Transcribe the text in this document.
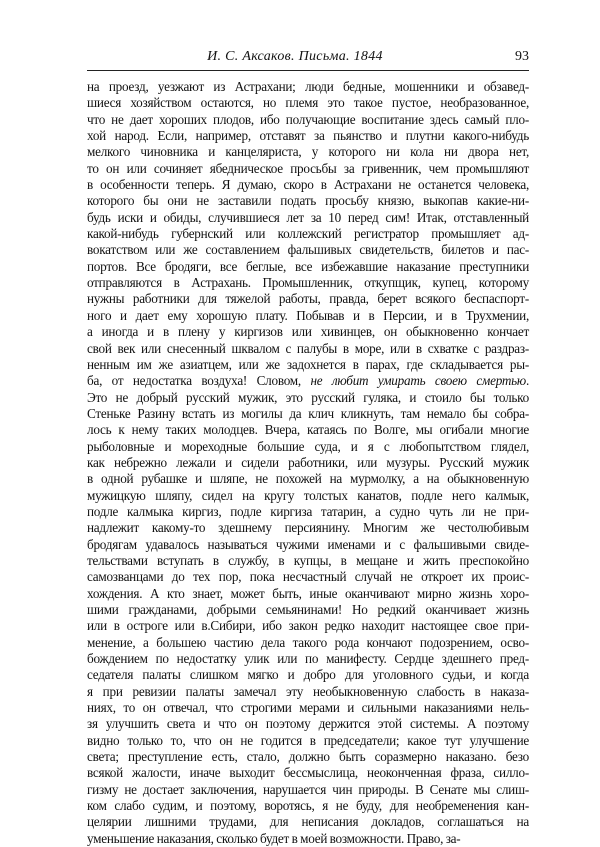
И. С. Аксаков. Письма. 1844	93
на проезд, уезжают из Астрахани; люди бедные, мошенники и обзавед-
шиеся хозяйством остаются, но племя это такое пустое, необразованное,
что не дает хороших плодов, ибо получающие воспитание здесь самый пло-
хой народ. Если, например, отставят за пьянство и плутни какого-нибудь
мелкого чиновника и канцеляриста, у которого ни кола ни двора нет,
то он или сочиняет ябедническое просьбы за гривенник, чем промышляют
в особенности теперь. Я думаю, скоро в Астрахани не останется человека,
которого бы они не заставили подать просьбу князю, выкопав какие-ни-
будь иски и обиды, случившиеся лет за 10 перед сим! Итак, отставленный
какой-нибудь губернский или коллежский регистратор промышляет ад-
вокатством или же составлением фальшивых свидетельств, билетов и пас-
портов. Все бродяги, все беглые, все избежавшие наказание преступники
отправляются в Астрахань. Промышленник, откупщик, купец, которому
нужны работники для тяжелой работы, правда, берет всякого беспаспорт-
ного и дает ему хорошую плату. Побывав и в Персии, и в Трухмении,
а иногда и в плену у киргизов или хивинцев, он обыкновенно кончает
свой век или снесенный шквалом с палубы в море, или в схватке с раздраз-
ненным им же азиатцем, или же задохнется в парах, где складывается ры-
ба, от недостатка воздуха! Словом, не любит умирать своею смертью.
Это не добрый русский мужик, это русский гуляка, и стоило бы только
Стеньке Разину встать из могилы да клич кликнуть, там немало бы собра-
лось к нему таких молодцев. Вчера, катаясь по Волге, мы огибали многие
рыболовные и мореходные большие суда, и я с любопытством глядел,
как небрежно лежали и сидели работники, или музуры. Русский мужик
в одной рубашке и шляпе, не похожей на мурмолку, а на обыкновенную
мужицкую шляпу, сидел на кругу толстых канатов, подле него калмык,
подле калмыка киргиз, подле киргиза татарин, а судно чуть ли не при-
надлежит какому-то здешнему персиянину. Многим же честолюбивым
бродягам удавалось называться чужими именами и с фальшивыми свиде-
тельствами вступать в службу, в купцы, в мещане и жить преспокойно
самозванцами до тех пор, пока несчастный случай не откроет их проис-
хождения. А кто знает, может быть, иные оканчивают мирно жизнь хоро-
шими гражданами, добрыми семьянинами! Но редкий оканчивает жизнь
или в остроге или в.Сибири, ибо закон редко находит настоящее свое при-
менение, а большею частию дела такого рода кончают подозрением, осво-
бождением по недостатку улик или по манифесту. Сердце здешнего пред-
седателя палаты слишком мягко и добро для уголовного судьи, и когда
я при ревизии палаты замечал эту необыкновенную слабость в наказа-
ниях, то он отвечал, что строгими мерами и сильными наказаниями нель-
зя улучшить света и что он поэтому держится этой системы. А поэтому
видно только то, что он не годится в председатели; какое тут улучшение
света; преступление есть, стало, должно быть соразмерно наказано. безо
всякой жалости, иначе выходит бессмыслица, неоконченная фраза, силло-
гизму не достает заключения, нарушается чин природы. В Сенате мы слиш-
ком слабо судим, и поэтому, воротясь, я не буду, для необременения кан-
целярии лишними трудами, для неписания докладов, соглашаться на
уменьшение наказания, сколько будет в моей возможности. Право, за-
